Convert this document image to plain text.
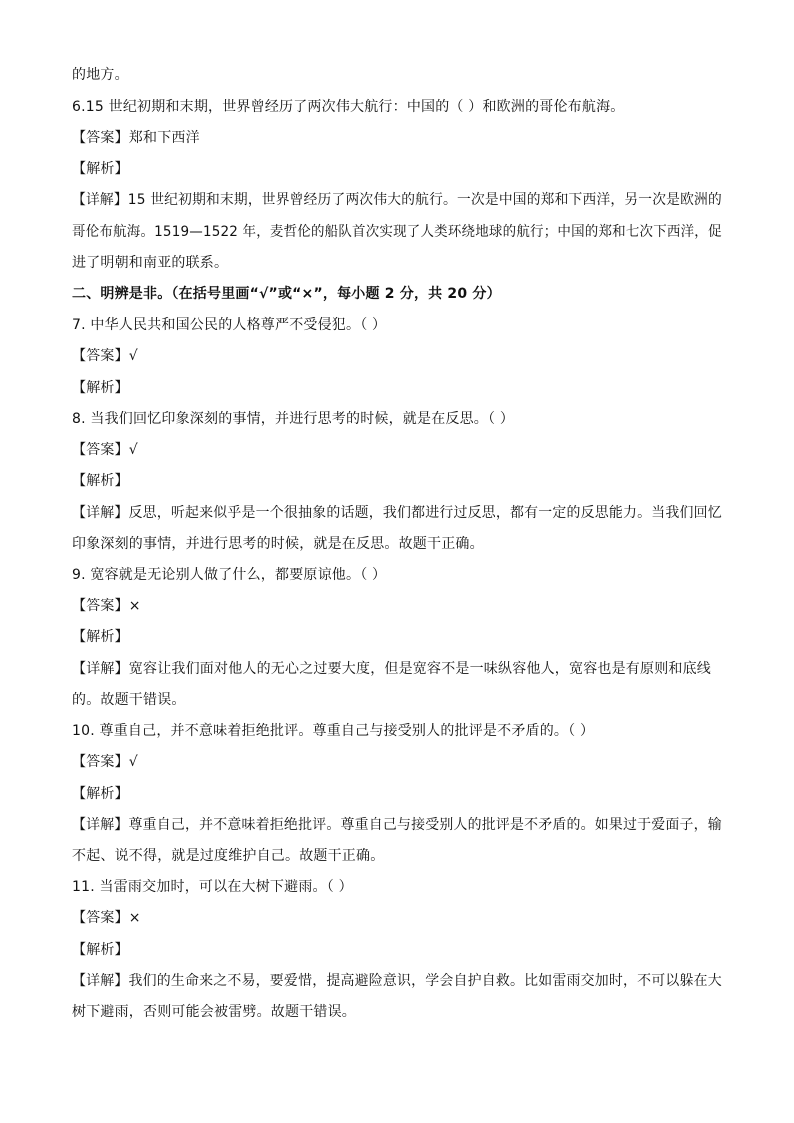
的地方。
6.15 世纪初期和末期，世界曾经历了两次伟大航行：中国的（ ）和欧洲的哥伦布航海。
【答案】郑和下西洋
【解析】
【详解】15 世纪初期和末期，世界曾经历了两次伟大的航行。一次是中国的郑和下西洋，另一次是欧洲的
哥伦布航海。1519—1522 年，麦哲伦的船队首次实现了人类环绕地球的航行；中国的郑和七次下西洋，促
进了明朝和南亚的联系。
二、明辨是非。（在括号里画“√”或“×”，每小题 2 分，共 20 分）
7. 中华人民共和国公民的人格尊严不受侵犯。（ ）
【答案】√
【解析】
8. 当我们回忆印象深刻的事情，并进行思考的时候，就是在反思。（ ）
【答案】√
【解析】
【详解】反思，听起来似乎是一个很抽象的话题，我们都进行过反思，都有一定的反思能力。当我们回忆
印象深刻的事情，并进行思考的时候，就是在反思。故题干正确。
9. 宽容就是无论别人做了什么，都要原谅他。（ ）
【答案】×
【解析】
【详解】宽容让我们面对他人的无心之过要大度，但是宽容不是一味纵容他人，宽容也是有原则和底线
的。故题干错误。
10. 尊重自己，并不意味着拒绝批评。尊重自己与接受别人的批评是不矛盾的。（ ）
【答案】√
【解析】
【详解】尊重自己，并不意味着拒绝批评。尊重自己与接受别人的批评是不矛盾的。如果过于爱面子，输
不起、说不得，就是过度维护自己。故题干正确。
11. 当雷雨交加时，可以在大树下避雨。（ ）
【答案】×
【解析】
【详解】我们的生命来之不易，要爱惜，提高避险意识，学会自护自救。比如雷雨交加时，不可以躲在大
树下避雨，否则可能会被雷劈。故题干错误。
